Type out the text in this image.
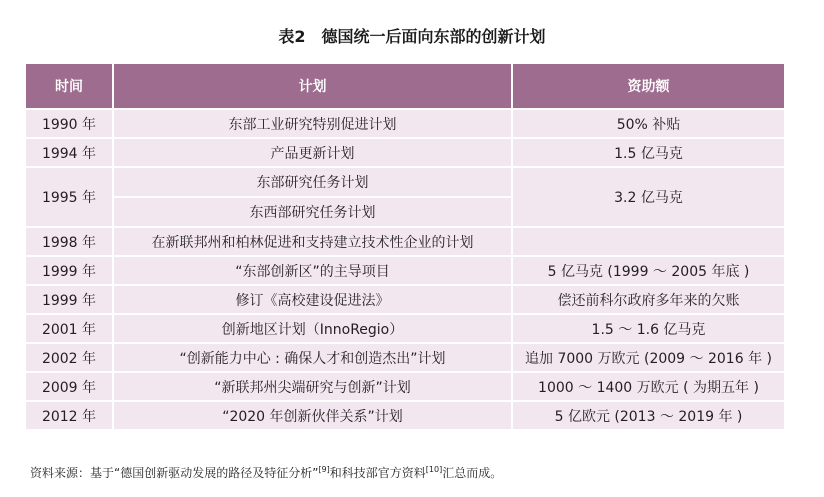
表2　德国统一后面向东部的创新计划
时间	计划	资助额
1990 年	东部工业研究特别促进计划	50% 补贴
1994 年	产品更新计划	1.5 亿马克
1995 年	东部研究任务计划	3.2 亿马克
	东西部研究任务计划	
1998 年	在新联邦州和柏林促进和支持建立技术性企业的计划	
1999 年	“东部创新区”的主导项目	5 亿马克 (1999 ～ 2005 年底 )
1999 年	修订《高校建设促进法》	偿还前科尔政府多年来的欠账
2001 年	创新地区计划（InnoRegio）	1.5 ～ 1.6 亿马克
2002 年	“创新能力中心 : 确保人才和创造杰出”计划	追加 7000 万欧元 (2009 ～ 2016 年 )
2009 年	“新联邦州尖端研究与创新”计划	1000 ～ 1400 万欧元 ( 为期五年 )
2012 年	“2020 年创新伙伴关系”计划	5 亿欧元 (2013 ～ 2019 年 )
资料来源：基于“德国创新驱动发展的路径及特征分析”[9]和科技部官方资料[10]汇总而成。
